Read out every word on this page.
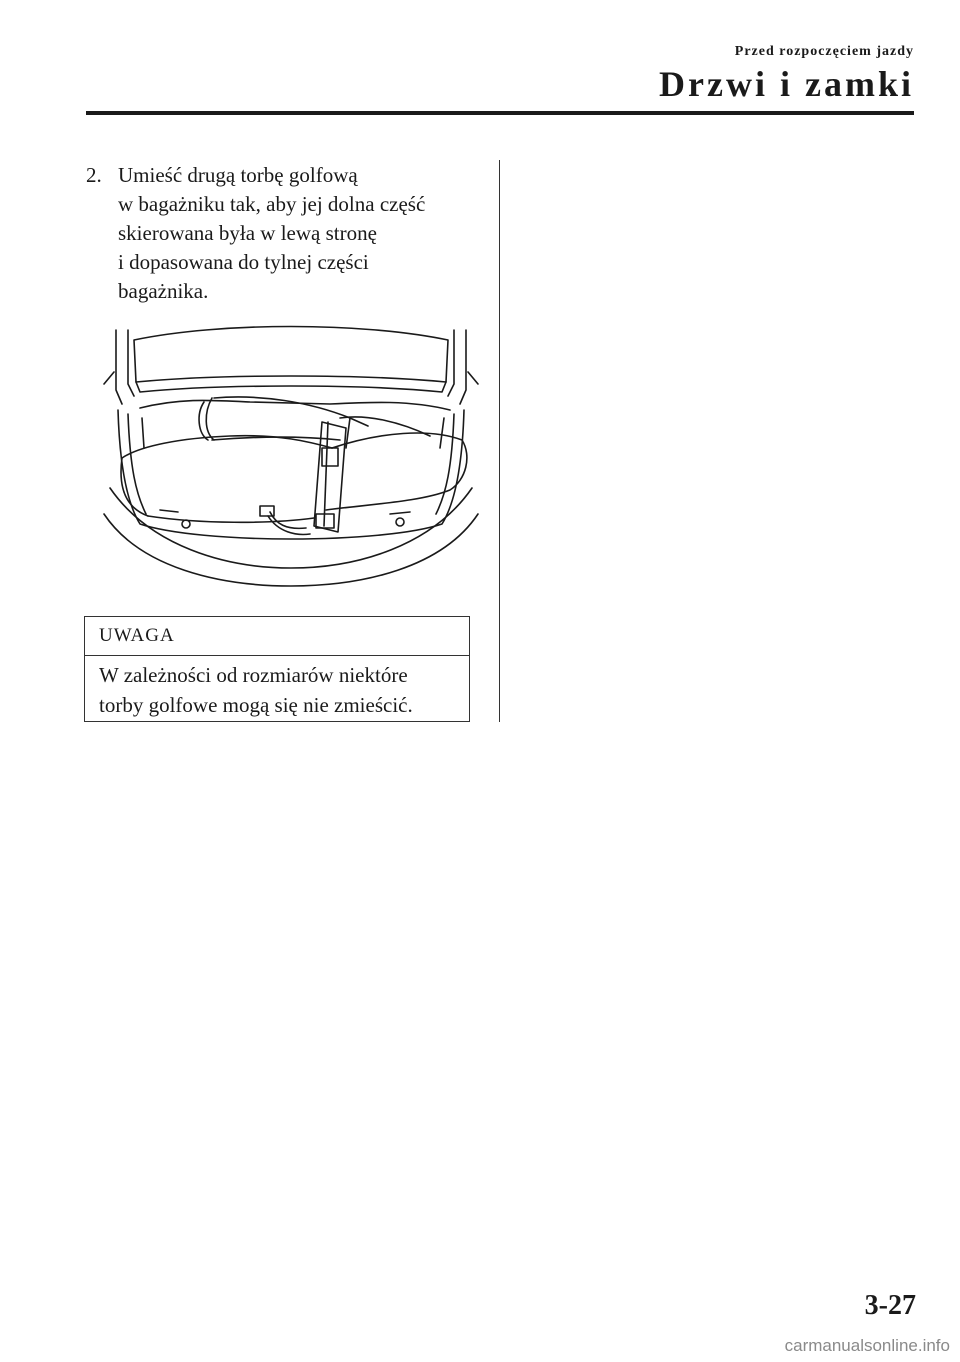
Przed rozpoczęciem jazdy
Drzwi i zamki
2. Umieść drugą torbę golfową
w bagażniku tak, aby jej dolna część
skierowana była w lewą stronę
i dopasowana do tylnej części
bagażnika.
UWAGA
W zależności od rozmiarów niektóre
torby golfowe mogą się nie zmieścić.
3-27
carmanualsonline.info
